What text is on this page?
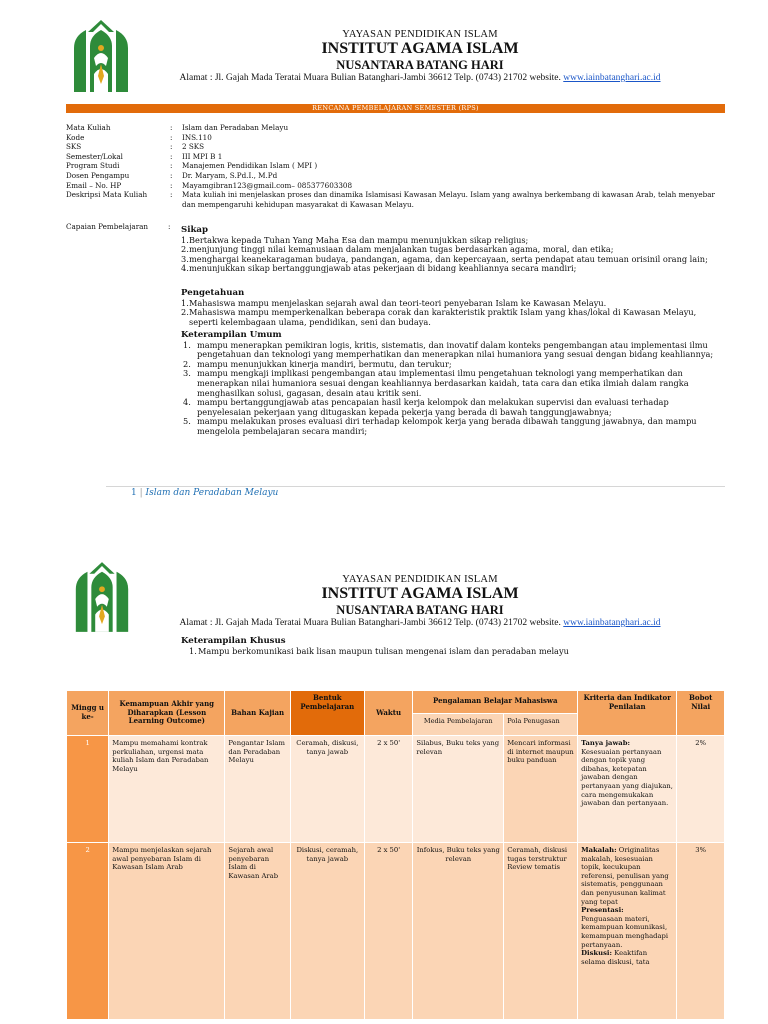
YAYASAN PENDIDIKAN ISLAM
INSTITUT AGAMA ISLAM
NUSANTARA BATANG HARI
Alamat : Jl. Gajah Mada Teratai Muara Bulian Batanghari-Jambi 36612 Telp. (0743) 21702 website. www.iainbatanghari.ac.id
RENCANA PEMBELAJARAN SEMESTER (RPS)
Mata Kuliah	:	Islam dan Peradaban Melayu
Kode	:	INS.110
SKS	:	2 SKS
Semester/Lokal	:	III MPI B 1
Program Studi	:	Manajemen Pendidikan Islam ( MPI )
Dosen Pengampu	:	Dr. Maryam, S.Pd.I., M.Pd
Email – No. HP	:	Mayamgibran123@gmail.com– 085377603308
Deskripsi Mata Kuliah	:	Mata kuliah ini menjelaskan proses dan dinamika Islamisasi Kawasan Melayu. Islam yang awalnya berkembang di kawasan Arab, telah menyebar dan mempengaruhi kehidupan masyarakat di Kawasan Melayu.
Capaian Pembelajaran	: Sikap
1. Bertakwa kepada Tuhan Yang Maha Esa dan mampu menunjukkan sikap religius;
2. menjunjung tinggi nilai kemanusiaan dalam menjalankan tugas berdasarkan agama, moral, dan etika;
3. menghargai keanekaragaman budaya, pandangan, agama, dan kepercayaan, serta pendapat atau temuan orisinil orang lain;
4. menunjukkan sikap bertanggungjawab atas pekerjaan di bidang keahliannya secara mandiri;
Pengetahuan
1. Mahasiswa mampu menjelaskan sejarah awal dan teori-teori penyebaran Islam ke Kawasan Melayu.
2. Mahasiswa mampu memperkenalkan beberapa corak dan karakteristik praktik Islam yang khas/lokal di Kawasan Melayu, seperti kelembagaan ulama, pendidikan, seni dan budaya.
Keterampilan Umum
1. mampu menerapkan pemikiran logis, kritis, sistematis, dan inovatif dalam konteks pengembangan atau implementasi ilmu pengetahuan dan teknologi yang memperhatikan dan menerapkan nilai humaniora yang sesuai dengan bidang keahliannya;
2. mampu menunjukkan kinerja mandiri, bermutu, dan terukur;
3. mampu mengkaji implikasi pengembangan atau implementasi ilmu pengetahuan teknologi yang memperhatikan dan menerapkan nilai humaniora sesuai dengan keahliannya berdasarkan kaidah, tata cara dan etika ilmiah dalam rangka menghasilkan solusi, gagasan, desain atau kritik seni.
4. mampu bertanggungjawab atas pencapaian hasil kerja kelompok dan melakukan supervisi dan evaluasi terhadap penyelesaian pekerjaan yang ditugaskan kepada pekerja yang berada di bawah tanggungjawabnya;
5. mampu melakukan proses evaluasi diri terhadap kelompok kerja yang berada dibawah tanggung jawabnya, dan mampu mengelola pembelajaran secara mandiri;
1 | Islam dan Peradaban Melayu
YAYASAN PENDIDIKAN ISLAM
INSTITUT AGAMA ISLAM
NUSANTARA BATANG HARI
Alamat : Jl. Gajah Mada Teratai Muara Bulian Batanghari-Jambi 36612 Telp. (0743) 21702 website. www.iainbatanghari.ac.id
Keterampilan Khusus
1. Mampu berkomunikasi baik lisan maupun tulisan mengenai islam dan peradaban melayu
Mingg u ke-	Kemampuan Akhir yang Diharapkan (Lesson Learning Outcome)	Bahan Kajian	Bentuk Pembelajaran	Waktu	Pengalaman Belajar Mahasiswa		Kriteria dan Indikator Penilaian	Bobot Nilai
					Media Pembelajaran	Pola Penugasan		
1	Mampu memahami kontrak perkuliahan, urgensi mata kuliah Islam dan Peradaban Melayu	Pengantar Islam dan Peradaban Melayu	Ceramah, diskusi, tanya jawab	2 x 50'	Silabus, Buku teks yang relevan	Mencari informasi di internet maupun buku panduan	Tanya jawab:
Kesesuaian pertanyaan dengan topik yang dibahas, ketepatan jawaban dengan pertanyaan yang diajukan, cara mengemukakan jawaban dan pertanyaan.	2%
2	Mampu menjelaskan sejarah awal penyebaran Islam di Kawasan Islam Arab	Sejarah awal penyebaran Islam di Kawasan Arab	Diskusi, ceramah, tanya jawab	2 x 50'	Infokus, Buku teks yang relevan	Ceramah, diskusi tugas terstruktur Review tematis	Makalah: Originalitas makalah, kesesuaian topik, kecukupan referensi, penulisan yang sistematis, penggunaan dan penyusunan kalimat yang tepat
Presentasi:
Penguasaan materi, kemampuan komunikasi, kemampuan menghadapi pertanyaan.
Diskusi: Keaktifan selama diskusi, tata	3%
